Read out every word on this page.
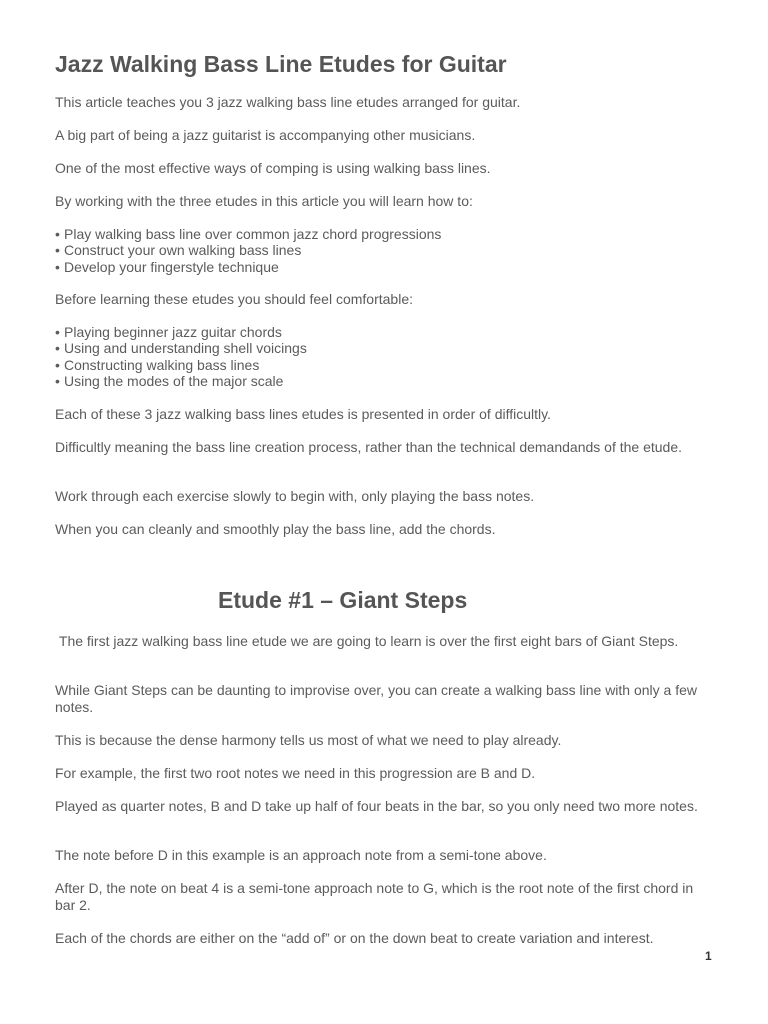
Jazz Walking Bass Line Etudes for Guitar

This article teaches you 3 jazz walking bass line etudes arranged for guitar.

A big part of being a jazz guitarist is accompanying other musicians.

One of the most effective ways of comping is using walking bass lines.

By working with the three etudes in this article you will learn how to:

• Play walking bass line over common jazz chord progressions
• Construct your own walking bass lines
• Develop your fingerstyle technique

Before learning these etudes you should feel comfortable:

• Playing beginner jazz guitar chords
• Using and understanding shell voicings
• Constructing walking bass lines
• Using the modes of the major scale

Each of these 3 jazz walking bass lines etudes is presented in order of difficultly.

Difficultly meaning the bass line creation process, rather than the technical demandands of the etude.

Work through each exercise slowly to begin with, only playing the bass notes.

When you can cleanly and smoothly play the bass line, add the chords.

Etude #1 – Giant Steps

The first jazz walking bass line etude we are going to learn is over the first eight bars of Giant Steps.

While Giant Steps can be daunting to improvise over, you can create a walking bass line with only a few notes.

This is because the dense harmony tells us most of what we need to play already.

For example, the first two root notes we need in this progression are B and D.

Played as quarter notes, B and D take up half of four beats in the bar, so you only need two more notes.

The note before D in this example is an approach note from a semi-tone above.

After D, the note on beat 4 is a semi-tone approach note to G, which is the root note of the first chord in bar 2.

Each of the chords are either on the “add of” or on the down beat to create variation and interest.

1
